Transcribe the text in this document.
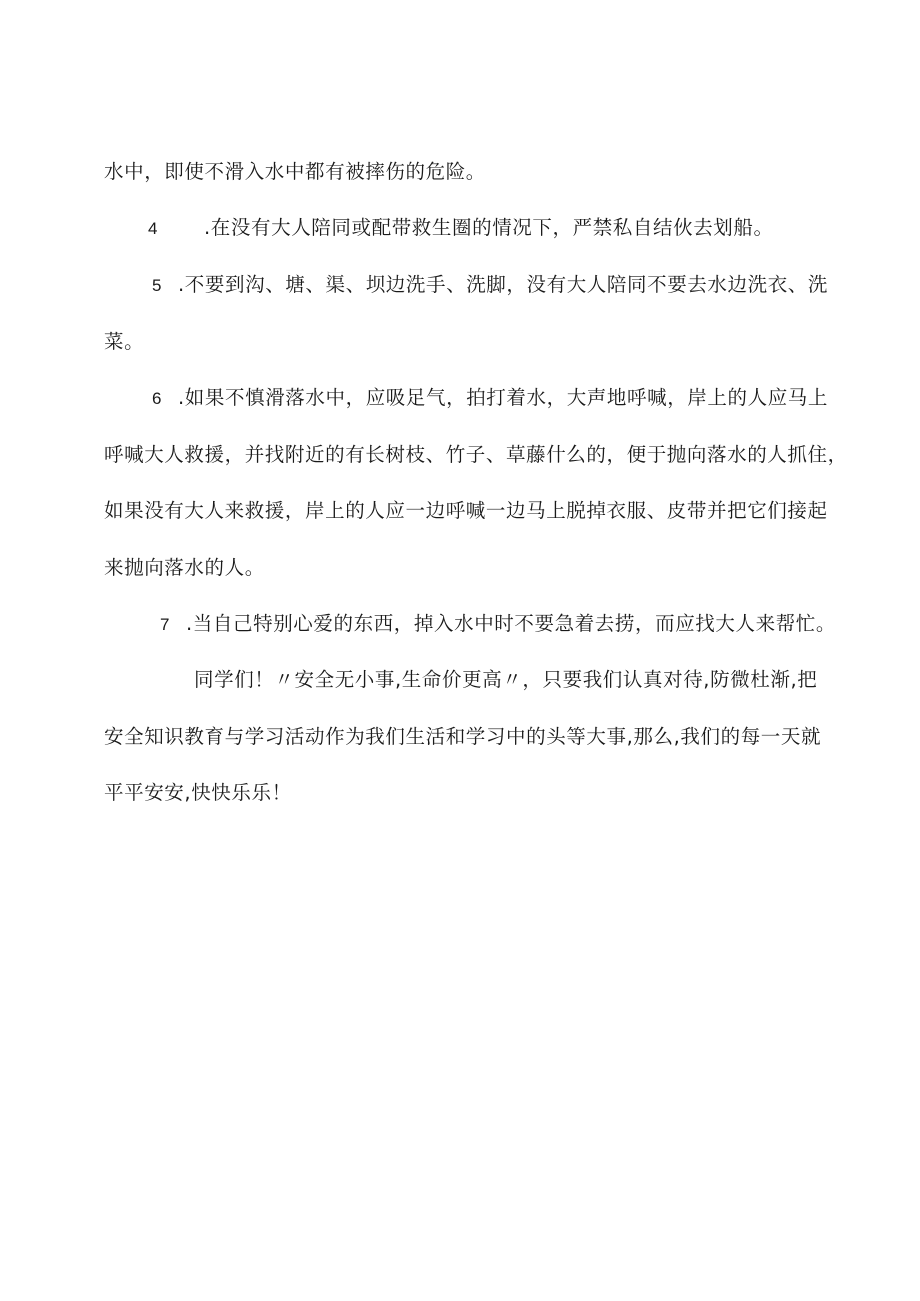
水中，即使不滑入水中都有被摔伤的危险。
4 .在没有大人陪同或配带救生圈的情况下，严禁私自结伙去划船。
5 .不要到沟、塘、渠、坝边洗手、洗脚，没有大人陪同不要去水边洗衣、洗
菜。
6 .如果不慎滑落水中，应吸足气，拍打着水，大声地呼喊，岸上的人应马上
呼喊大人救援，并找附近的有长树枝、竹子、草藤什么的，便于抛向落水的人抓住，
如果没有大人来救援，岸上的人应一边呼喊一边马上脱掉衣服、皮带并把它们接起
来抛向落水的人。
7 .当自己特别心爱的东西，掉入水中时不要急着去捞，而应找大人来帮忙。
同学们！〃安全无小事,生命价更高〃，只要我们认真对待,防微杜渐,把
安全知识教育与学习活动作为我们生活和学习中的头等大事,那么,我们的每一天就
平平安安,快快乐乐！
